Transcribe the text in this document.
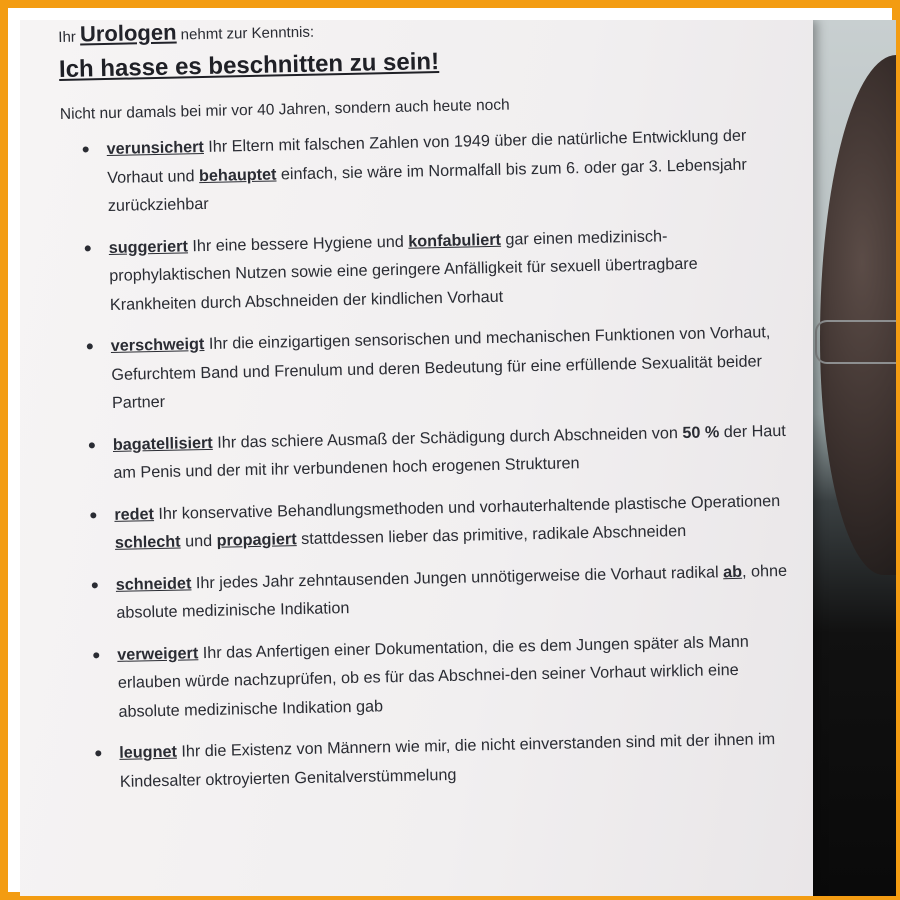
Ihr Urologen nehmt zur Kenntnis:

Ich hasse es beschnitten zu sein!

Nicht nur damals bei mir vor 40 Jahren, sondern auch heute noch

verunsichert Ihr Eltern mit falschen Zahlen von 1949 über die natürliche Entwicklung der Vorhaut und behauptet einfach, sie wäre im Normalfall bis zum 6. oder gar 3. Lebensjahr zurückziehbar
suggeriert Ihr eine bessere Hygiene und konfabuliert gar einen medizinisch-prophylaktischen Nutzen sowie eine geringere Anfälligkeit für sexuell übertragbare Krankheiten durch Abschneiden der kindlichen Vorhaut
verschweigt Ihr die einzigartigen sensorischen und mechanischen Funktionen von Vorhaut, Gefurchtem Band und Frenulum und deren Bedeutung für eine erfüllende Sexualität beider Partner
bagatellisiert Ihr das schiere Ausmaß der Schädigung durch Abschneiden von 50 % der Haut am Penis und der mit ihr verbundenen hoch erogenen Strukturen
redet Ihr konservative Behandlungsmethoden und vorhauterhaltende plastische Operationen schlecht und propagiert stattdessen lieber das primitive, radikale Abschneiden
schneidet Ihr jedes Jahr zehntausenden Jungen unnötigerweise die Vorhaut radikal ab, ohne absolute medizinische Indikation
verweigert Ihr das Anfertigen einer Dokumentation, die es dem Jungen später als Mann erlauben würde nachzuprüfen, ob es für das Abschnei-den seiner Vorhaut wirklich eine absolute medizinische Indikation gab
leugnet Ihr die Existenz von Männern wie mir, die nicht einverstanden sind mit der ihnen im Kindesalter oktroyierten Genitalverstümmelung
